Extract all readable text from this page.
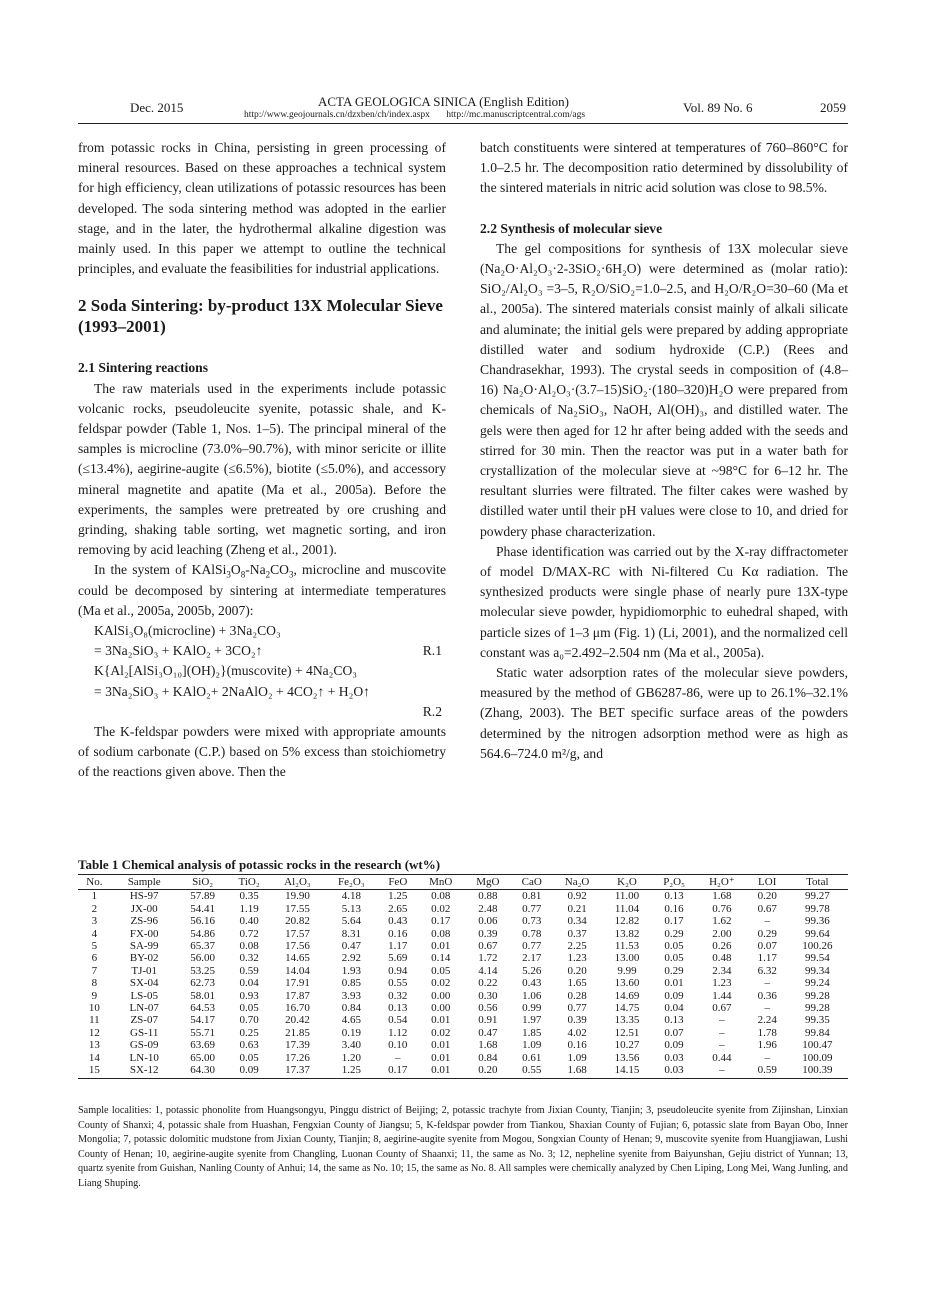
Dec. 2015	ACTA GEOLOGICA SINICA (English Edition)
http://www.geojournals.cn/dzxben/ch/index.aspx http://mc.manuscriptcentral.com/ags	Vol. 89 No. 6	2059

from potassic rocks in China, persisting in green processing of mineral resources. Based on these approaches a technical system for high efficiency, clean utilizations of potassic resources has been developed. The soda sintering method was adopted in the earlier stage, and in the later, the hydrothermal alkaline digestion was mainly used. In this paper we attempt to outline the technical principles, and evaluate the feasibilities for industrial applications.

2 Soda Sintering: by-product 13X Molecular Sieve (1993–2001)

2.1 Sintering reactions

The raw materials used in the experiments include potassic volcanic rocks, pseudoleucite syenite, potassic shale, and K-feldspar powder (Table 1, Nos. 1–5). The principal mineral of the samples is microcline (73.0%–90.7%), with minor sericite or illite (≤13.4%), aegirine-augite (≤6.5%), biotite (≤5.0%), and accessory mineral magnetite and apatite (Ma et al., 2005a). Before the experiments, the samples were pretreated by ore crushing and grinding, shaking table sorting, wet magnetic sorting, and iron removing by acid leaching (Zheng et al., 2001).

In the system of $KAlSi_3O_8-Na_2CO_3$, microcline and muscovite could be decomposed by sintering at intermediate temperatures (Ma et al., 2005a, 2005b, 2007):

KAlSi₃O₈(microcline) + 3Na₂CO₃

= 3Na₂SiO₃ + KAlO₂ + 3CO₂↑	R.1

K{Al₂[AlSi₃O₁₀](OH)₂}(muscovite) + 4Na₂CO₃

= 3Na₂SiO₃ + KAlO₂+ 2NaAlO₂ + 4CO₂↑ + H₂O↑

R.2

The K-feldspar powders were mixed with appropriate amounts of sodium carbonate (C.P.) based on 5% excess than stoichiometry of the reactions given above. Then the

batch constituents were sintered at temperatures of 760–860°C for 1.0–2.5 hr. The decomposition ratio determined by dissolubility of the sintered materials in nitric acid solution was close to 98.5%.

2.2 Synthesis of molecular sieve

The gel compositions for synthesis of 13X molecular sieve (Na₂O·Al₂O₃·2-3SiO₂·6H₂O) were determined as (molar ratio): SiO₂/Al₂O₃ =3–5, R₂O/SiO₂=1.0–2.5, and H₂O/R₂O=30–60 (Ma et al., 2005a). The sintered materials consist mainly of alkali silicate and aluminate; the initial gels were prepared by adding appropriate distilled water and sodium hydroxide (C.P.) (Rees and Chandrasekhar, 1993). The crystal seeds in composition of (4.8–16) Na₂O·Al₂O₃·(3.7–15)SiO₂·(180–320)H₂O were prepared from chemicals of Na₂SiO₃, NaOH, Al(OH)₃, and distilled water. The gels were then aged for 12 hr after being added with the seeds and stirred for 30 min. Then the reactor was put in a water bath for crystallization of the molecular sieve at ~98°C for 6–12 hr. The resultant slurries were filtrated. The filter cakes were washed by distilled water until their pH values were close to 10, and dried for powdery phase characterization.

Phase identification was carried out by the X-ray diffractometer of model D/MAX-RC with Ni-filtered Cu Kα radiation. The synthesized products were single phase of nearly pure 13X-type molecular sieve powder, hypidiomorphic to euhedral shaped, with particle sizes of 1–3 μm (Fig. 1) (Li, 2001), and the normalized cell constant was a₀=2.492–2.504 nm (Ma et al., 2005a).

Static water adsorption rates of the molecular sieve powders, measured by the method of GB6287-86, were up to 26.1%–32.1% (Zhang, 2003). The BET specific surface areas of the powders determined by the nitrogen adsorption method were as high as 564.6–724.0 m²/g, and

Table 1 Chemical analysis of potassic rocks in the research (wt%)
No.	Sample	SiO₂	TiO₂	Al₂O₃	Fe₂O₃	FeO	MnO	MgO	CaO	Na₂O	K₂O	P₂O₅	H₂O⁺	LOI	Total
1	HS-97	57.89	0.35	19.90	4.18	1.25	0.08	0.88	0.81	0.92	11.00	0.13	1.68	0.20	99.27
2	JX-00	54.41	1.19	17.55	5.13	2.65	0.02	2.48	0.77	0.21	11.04	0.16	0.76	0.67	99.78
3	ZS-96	56.16	0.40	20.82	5.64	0.43	0.17	0.06	0.73	0.34	12.82	0.17	1.62	–	99.36
4	FX-00	54.86	0.72	17.57	8.31	0.16	0.08	0.39	0.78	0.37	13.82	0.29	2.00	0.29	99.64
5	SA-99	65.37	0.08	17.56	0.47	1.17	0.01	0.67	0.77	2.25	11.53	0.05	0.26	0.07	100.26
6	BY-02	56.00	0.32	14.65	2.92	5.69	0.14	1.72	2.17	1.23	13.00	0.05	0.48	1.17	99.54
7	TJ-01	53.25	0.59	14.04	1.93	0.94	0.05	4.14	5.26	0.20	9.99	0.29	2.34	6.32	99.34
8	SX-04	62.73	0.04	17.91	0.85	0.55	0.02	0.22	0.43	1.65	13.60	0.01	1.23	–	99.24
9	LS-05	58.01	0.93	17.87	3.93	0.32	0.00	0.30	1.06	0.28	14.69	0.09	1.44	0.36	99.28
10	LN-07	64.53	0.05	16.70	0.84	0.13	0.00	0.56	0.99	0.77	14.75	0.04	0.67	–	99.28
11	ZS-07	54.17	0.70	20.42	4.65	0.54	0.01	0.91	1.97	0.39	13.35	0.13	–	2.24	99.35
12	GS-11	55.71	0.25	21.85	0.19	1.12	0.02	0.47	1.85	4.02	12.51	0.07	–	1.78	99.84
13	GS-09	63.69	0.63	17.39	3.40	0.10	0.01	1.68	1.09	0.16	10.27	0.09	–	1.96	100.47
14	LN-10	65.00	0.05	17.26	1.20	–	0.01	0.84	0.61	1.09	13.56	0.03	0.44	–	100.09
15	SX-12	64.30	0.09	17.37	1.25	0.17	0.01	0.20	0.55	1.68	14.15	0.03	–	0.59	100.39
Sample localities: 1, potassic phonolite from Huangsongyu, Pinggu district of Beijing; 2, potassic trachyte from Jixian County, Tianjin; 3, pseudoleucite syenite from Zijinshan, Linxian County of Shanxi; 4, potassic shale from Huashan, Fengxian County of Jiangsu; 5, K-feldspar powder from Tiankou, Shaxian County of Fujian; 6, potassic slate from Bayan Obo, Inner Mongolia; 7, potassic dolomitic mudstone from Jixian County, Tianjin; 8, aegirine-augite syenite from Mogou, Songxian County of Henan; 9, muscovite syenite from Huangjiawan, Lushi County of Henan; 10, aegirine-augite syenite from Changling, Luonan County of Shaanxi; 11, the same as No. 3; 12, nepheline syenite from Baiyunshan, Gejiu district of Yunnan; 13, quartz syenite from Guishan, Nanling County of Anhui; 14, the same as No. 10; 15, the same as No. 8. All samples were chemically analyzed by Chen Liping, Long Mei, Wang Junling, and Liang Shuping.
